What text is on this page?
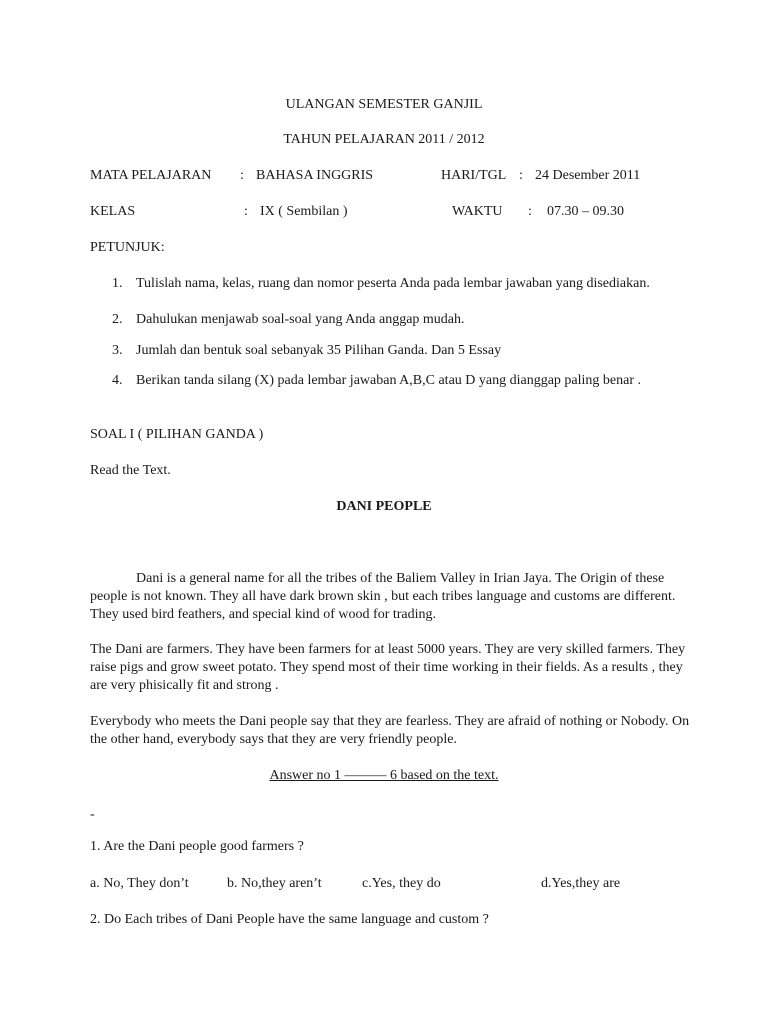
ULANGAN SEMESTER GANJIL
TAHUN PELAJARAN 2011 / 2012
MATA PELAJARAN : BAHASA INGGRIS	HARI/TGL : 24 Desember 2011
KELAS	: IX ( Sembilan )	WAKTU : 07.30 – 09.30
PETUNJUK:
1. Tulislah nama, kelas, ruang dan nomor peserta Anda pada lembar jawaban yang disediakan.
2. Dahulukan menjawab soal-soal yang Anda anggap mudah.
3. Jumlah dan bentuk soal sebanyak 35 Pilihan Ganda. Dan 5 Essay
4. Berikan tanda silang (X) pada lembar jawaban A,B,C atau D yang dianggap paling benar .
SOAL I ( PILIHAN GANDA )
Read the Text.
DANI PEOPLE
Dani is a general name for all the tribes of the Baliem Valley in Irian Jaya. The Origin of these people is not known. They all have dark brown skin , but each tribes language and customs are different. They used bird feathers, and special kind of wood for trading.
The Dani are farmers. They have been farmers for at least 5000 years. They are very skilled farmers. They raise pigs and grow sweet potato. They spend most of their time working in their fields. As a results , they are very phisically fit and strong .
Everybody who meets the Dani people say that they are fearless. They are afraid of nothing or Nobody. On the other hand, everybody says that they are very friendly people.
Answer no 1 ——— 6 based on the text.
-
1. Are the Dani people good farmers ?
a. No, They don’t	b. No,they aren’t	c.Yes, they do	d.Yes,they are
2. Do Each tribes of Dani People have the same language and custom ?
